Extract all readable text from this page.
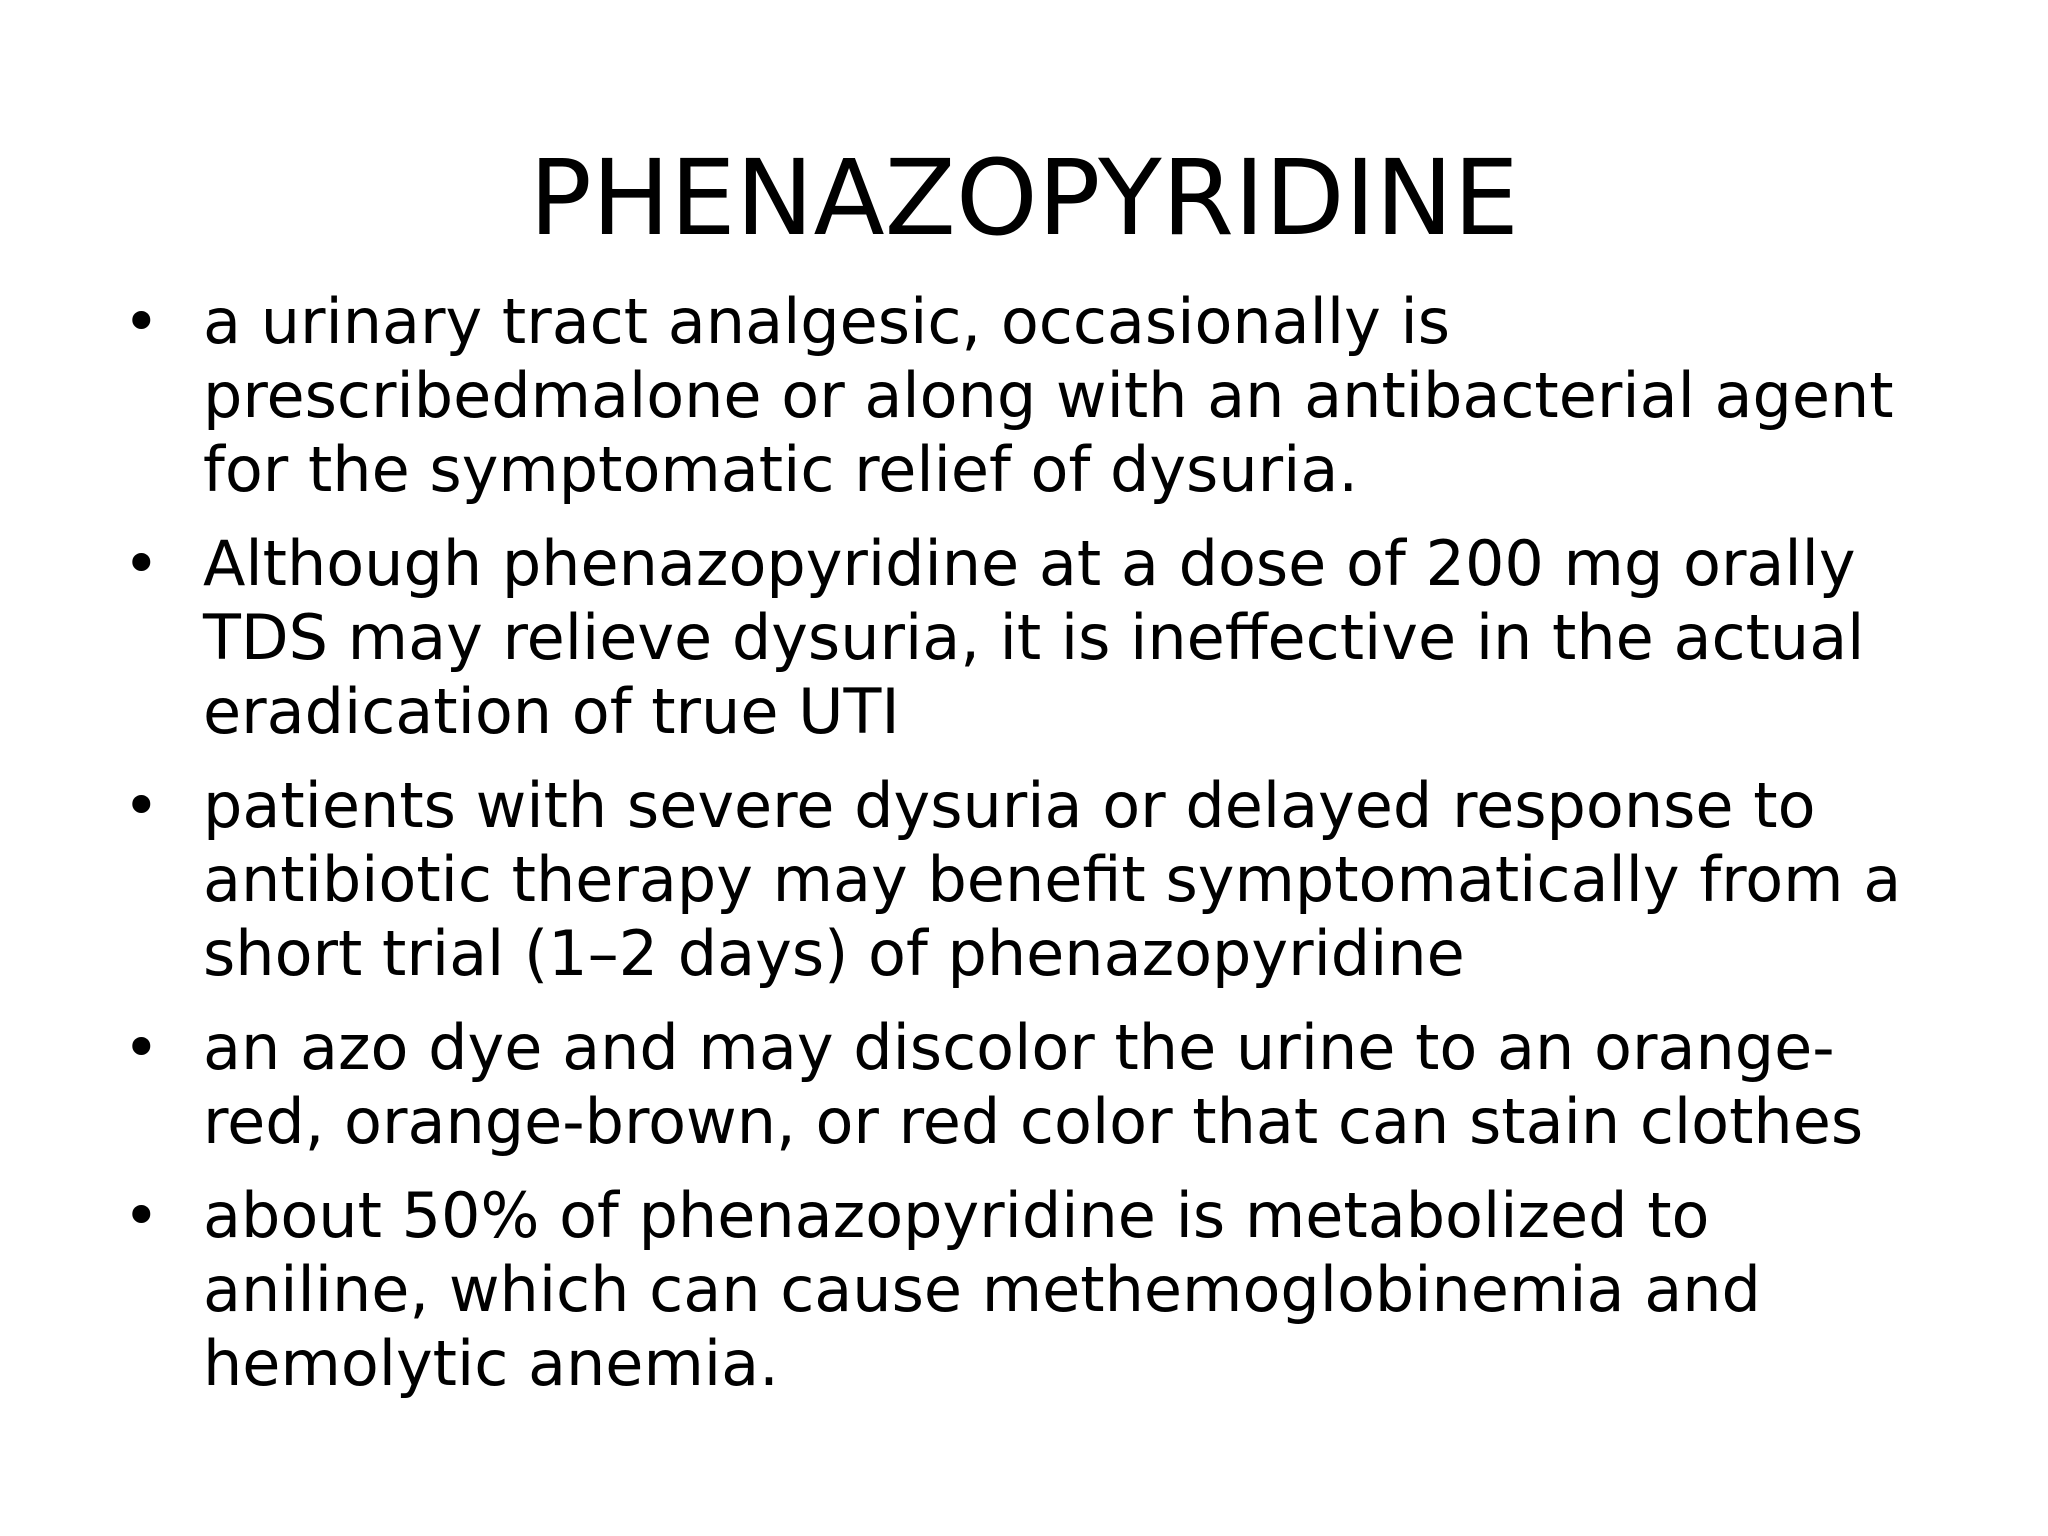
PHENAZOPYRIDINE
• a urinary tract analgesic, occasionally is prescribedmalone or along with an antibacterial agent for the symptomatic relief of dysuria.
• Although phenazopyridine at a dose of 200 mg orally TDS may relieve dysuria, it is ineffective in the actual eradication of true UTI
• patients with severe dysuria or delayed response to antibiotic therapy may benefit symptomatically from a short trial (1–2 days) of phenazopyridine
• an azo dye and may discolor the urine to an orange-red, orange-brown, or red color that can stain clothes
• about 50% of phenazopyridine is metabolized to aniline, which can cause methemoglobinemia and hemolytic anemia.
